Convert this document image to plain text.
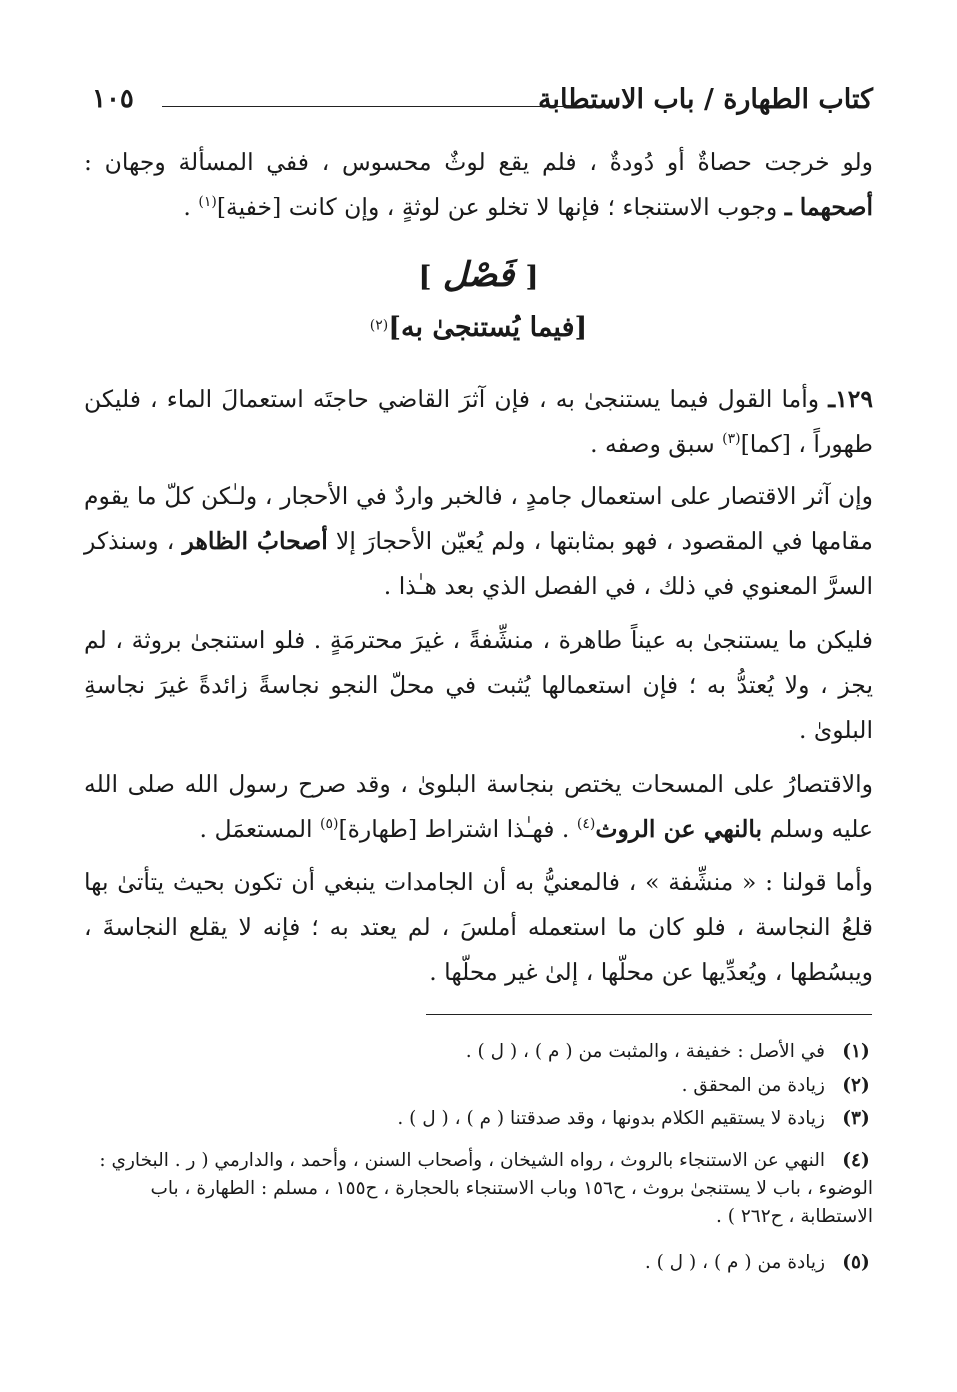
كتاب الطهارة / باب الاستطابة
١٠٥
ولو خرجت حصاةٌ أو دُودةٌ ، فلم يقع لوثٌ محسوس ، ففي المسألة وجهان : أصحهما ـ وجوب الاستنجاء ؛ فإنها لا تخلو عن لوثةٍ ، وإن كانت [خفية]$^{(١)}$ .
[ فَصْل ]
[فيما يُستنجىٰ به]$^{(٢)}$
١٢٩ـ وأما القول فيما يستنجىٰ به ، فإن آثرَ القاضي حاجتَه استعمالَ الماء ، فليكن طهوراً ، [كما]$^{(٣)}$ سبق وصفه .
وإن آثر الاقتصار على استعمال جامدٍ ، فالخبر واردٌ في الأحجار ، ولـٰكن كلّ ما يقوم مقامها في المقصود ، فهو بمثابتها ، ولم يُعيّن الأحجارَ إلا أصحابُ الظاهر ، وسنذكر السرَّ المعنوي في ذلك ، في الفصل الذي بعد هـٰذا .
فليكن ما يستنجىٰ به عيناً طاهرة ، منشِّفةً ، غيرَ محترمَةٍ . فلو استنجىٰ بروثة ، لم يجز ، ولا يُعتدُّ به ؛ فإن استعمالها يُثبت في محلّ النجو نجاسةً زائدةً غيرَ نجاسةِ البلوىٰ .
والاقتصارُ على المسحات يختص بنجاسة البلوىٰ ، وقد صرح رسول الله صلى الله عليه وسلم بالنهي عن الروث$^{(٤)}$ . فهـٰذا اشتراط [طهارة]$^{(٥)}$ المستعمَل .
وأما قولنا : « منشِّفة » ، فالمعنيُّ به أن الجامدات ينبغي أن تكون بحيث يتأتىٰ بها قلعُ النجاسة ، فلو كان ما استعمله أملسَ ، لم يعتد به ؛ فإنه لا يقلع النجاسةَ ، ويبسُطها ، ويُعدِّيها عن محلّها ، إلىٰ غير محلّها .
(١)في الأصل : خفيفة ، والمثبت من ( م ) ، ( ل ) .
(٢)زيادة من المحقق .
(٣)زيادة لا يستقيم الكلام بدونها ، وقد صدقتنا ( م ) ، ( ل ) .
(٤)النهي عن الاستنجاء بالروث ، رواه الشيخان ، وأصحاب السنن ، وأحمد ، والدارمي ( ر . البخاري : الوضوء ، باب لا يستنجىٰ بروث ، ح١٥٦ وباب الاستنجاء بالحجارة ، ح١٥٥ ، مسلم : الطهارة ، باب الاستطابة ، ح٢٦٢ ) .
(٥)زيادة من ( م ) ، ( ل ) .
